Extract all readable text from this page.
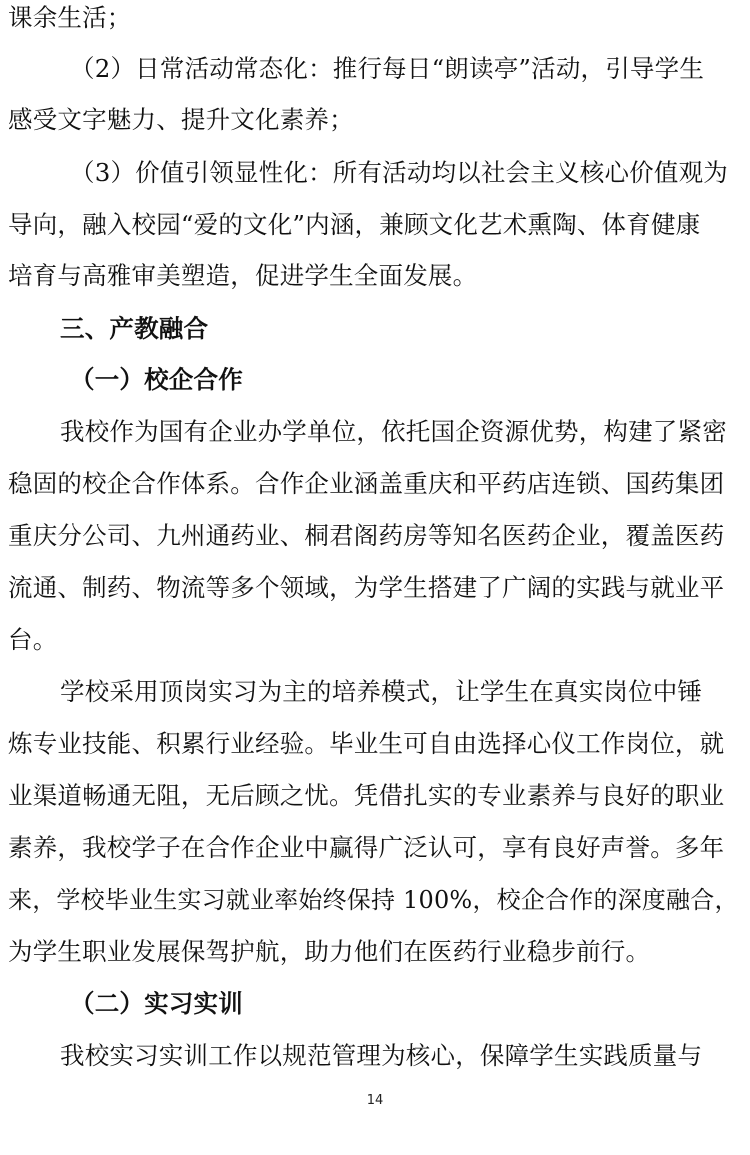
课余生活；
（2）日常活动常态化：推行每日“朗读亭”活动，引导学生
感受文字魅力、提升文化素养；
（3）价值引领显性化：所有活动均以社会主义核心价值观为
导向，融入校园“爱的文化”内涵，兼顾文化艺术熏陶、体育健康
培育与高雅审美塑造，促进学生全面发展。
三、产教融合
（一）校企合作
我校作为国有企业办学单位，依托国企资源优势，构建了紧密
稳固的校企合作体系。合作企业涵盖重庆和平药店连锁、国药集团
重庆分公司、九州通药业、桐君阁药房等知名医药企业，覆盖医药
流通、制药、物流等多个领域，为学生搭建了广阔的实践与就业平
台。
学校采用顶岗实习为主的培养模式，让学生在真实岗位中锤
炼专业技能、积累行业经验。毕业生可自由选择心仪工作岗位，就
业渠道畅通无阻，无后顾之忧。凭借扎实的专业素养与良好的职业
素养，我校学子在合作企业中赢得广泛认可，享有良好声誉。多年
来，学校毕业生实习就业率始终保持 100%，校企合作的深度融合，
为学生职业发展保驾护航，助力他们在医药行业稳步前行。
（二）实习实训
我校实习实训工作以规范管理为核心，保障学生实践质量与
14
